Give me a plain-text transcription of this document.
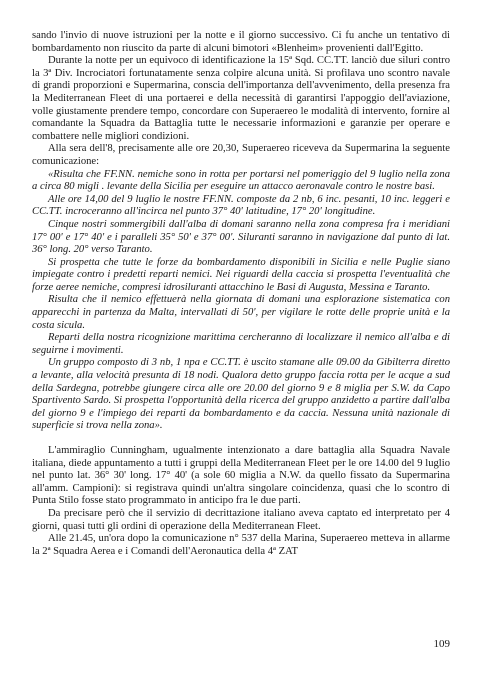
sando l'invio di nuove istruzioni per la notte e il giorno successivo. Ci fu anche un tentativo di bombardamento non riuscito da parte di alcuni bimotori «Blenheim» provenienti dall'Egitto.

Durante la notte per un equivoco di identificazione la 15ª Sqd. CC.TT. lanciò due siluri contro la 3ª Div. Incrociatori fortunatamente senza colpire alcuna unità. Si profilava uno scontro navale di grandi proporzioni e Supermarina, conscia dell'importanza dell'avvenimento, della presenza fra la Mediterranean Fleet di una portaerei e della necessità di garantirsi l'appoggio dell'aviazione, volle giustamente prendere tempo, concordare con Superaereo le modalità di intervento, fornire al comandante la Squadra da Battaglia tutte le necessarie informazioni e garanzie per operare e combattere nelle migliori condizioni.

Alla sera dell'8, precisamente alle ore 20,30, Superaereo riceveva da Supermarina la seguente comunicazione:

«Risulta che FF.NN. nemiche sono in rotta per portarsi nel pomeriggio del 9 luglio nella zona a circa 80 migli . levante della Sicilia per eseguire un attacco aeronavale contro le nostre basi.

Alle ore 14,00 del 9 luglio le nostre FF.NN. composte da 2 nb, 6 inc. pesanti, 10 inc. leggeri e CC.TT. incroceranno all'incirca nel punto 37° 40' latitudine, 17° 20' longitudine.

Cinque nostri sommergibili dall'alba di domani saranno nella zona compresa fra i meridiani 17° 00' e 17° 40' e i paralleli 35° 50' e 37° 00'. Siluranti saranno in navigazione dal punto di lat. 36° long. 20° verso Taranto.

Si prospetta che tutte le forze da bombardamento disponibili in Sicilia e nelle Puglie siano impiegate contro i predetti reparti nemici. Nei riguardi della caccia si prospetta l'eventualità che forze aeree nemiche, compresi idrosiluranti attacchino le Basi di Augusta, Messina e Taranto.

Risulta che il nemico effettuerà nella giornata di domani una esplorazione sistematica con apparecchi in partenza da Malta, intervallati di 50', per vigilare le rotte delle proprie unità e la costa sicula.

Reparti della nostra ricognizione marittima cercheranno di localizzare il nemico all'alba e di seguirne i movimenti.

Un gruppo composto di 3 nb, 1 npa e CC.TT. è uscito stamane alle 09.00 da Gibilterra diretto a levante, alla velocità presunta di 18 nodi. Qualora detto gruppo faccia rotta per le acque a sud della Sardegna, potrebbe giungere circa alle ore 20.00 del giorno 9 e 8 miglia per S.W. da Capo Spartivento Sardo. Si prospetta l'opportunità della ricerca del gruppo anzidetto a partire dall'alba del giorno 9 e l'impiego dei reparti da bombardamento e da caccia. Nessuna unità nazionale di superficie si trova nella zona».

L'ammiraglio Cunningham, ugualmente intenzionato a dare battaglia alla Squadra Navale italiana, diede appuntamento a tutti i gruppi della Mediterranean Fleet per le ore 14.00 del 9 luglio nel punto lat. 36° 30' long. 17° 40' (a sole 60 miglia a N.W. da quello fissato da Supermarina all'amm. Campioni): si registrava quindi un'altra singolare coincidenza, quasi che lo scontro di Punta Stilo fosse stato programmato in anticipo fra le due parti.

Da precisare però che il servizio di decrittazione italiano aveva captato ed interpretato per 4 giorni, quasi tutti gli ordini di operazione della Mediterranean Fleet.

Alle 21.45, un'ora dopo la comunicazione n° 537 della Marina, Superaereo metteva in allarme la 2ª Squadra Aerea e i Comandi dell'Aeronautica della 4ª ZAT

109
